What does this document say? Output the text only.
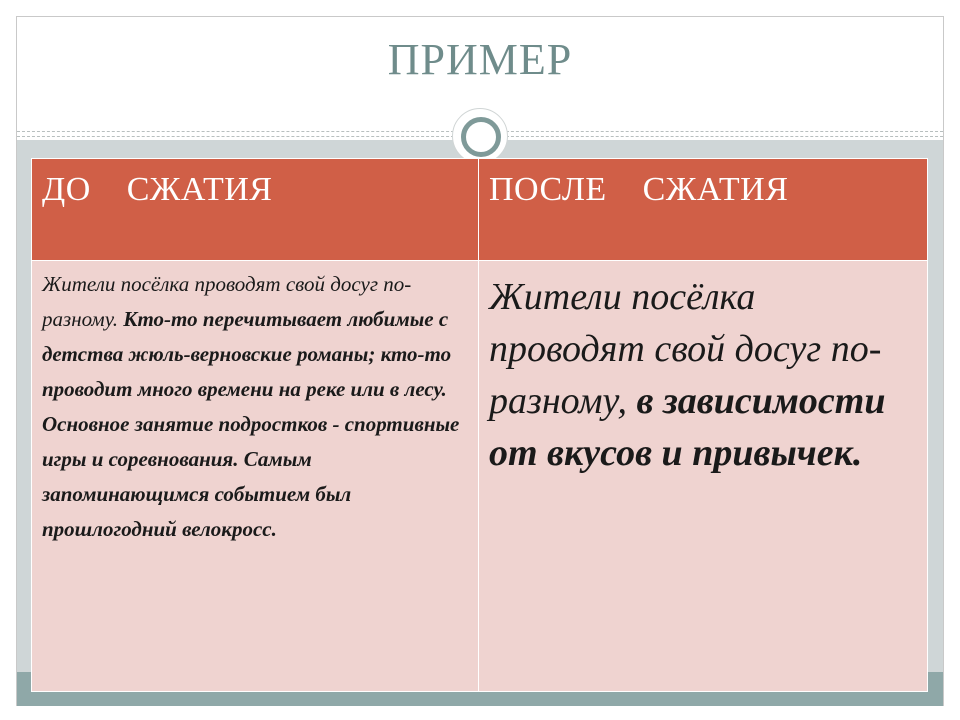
ПРИМЕР
ДО    СЖАТИЯ	ПОСЛЕ    СЖАТИЯ

Жители посёлка проводят свой досуг по-разному. Кто-то перечитывает любимые с детства жюль-верновские романы; кто-то проводит много времени на реке или в лесу. Основное занятие подростков - спортивные игры и соревнования. Самым запоминающимся событием был прошлогодний велокросс.	Жители посёлка проводят свой досуг по-разному, в зависимости от вкусов и привычек.
